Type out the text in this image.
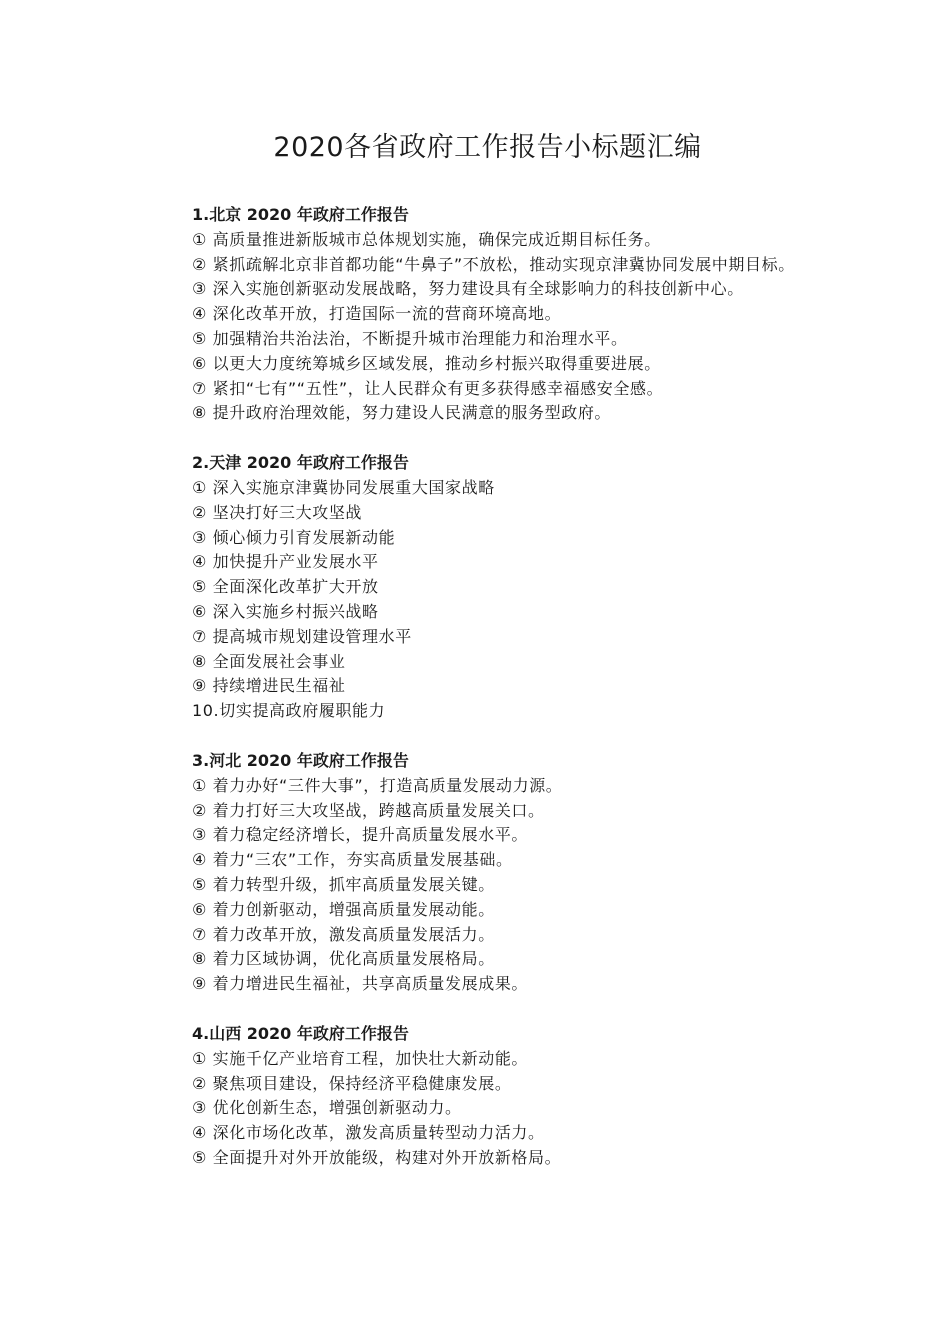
2020各省政府工作报告小标题汇编

1.北京 2020 年政府工作报告

① 高质量推进新版城市总体规划实施，确保完成近期目标任务。

② 紧抓疏解北京非首都功能“牛鼻子”不放松，推动实现京津冀协同发展中期目标。

③ 深入实施创新驱动发展战略，努力建设具有全球影响力的科技创新中心。

④ 深化改革开放，打造国际一流的营商环境高地。

⑤ 加强精治共治法治，不断提升城市治理能力和治理水平。

⑥ 以更大力度统筹城乡区域发展，推动乡村振兴取得重要进展。

⑦ 紧扣“七有”“五性”，让人民群众有更多获得感幸福感安全感。

⑧ 提升政府治理效能，努力建设人民满意的服务型政府。

2.天津 2020 年政府工作报告

① 深入实施京津冀协同发展重大国家战略

② 坚决打好三大攻坚战

③ 倾心倾力引育发展新动能

④ 加快提升产业发展水平

⑤ 全面深化改革扩大开放

⑥ 深入实施乡村振兴战略

⑦ 提高城市规划建设管理水平

⑧ 全面发展社会事业

⑨ 持续增进民生福祉

10.切实提高政府履职能力

3.河北 2020 年政府工作报告

① 着力办好“三件大事”，打造高质量发展动力源。

② 着力打好三大攻坚战，跨越高质量发展关口。

③ 着力稳定经济增长，提升高质量发展水平。

④ 着力“三农”工作，夯实高质量发展基础。

⑤ 着力转型升级，抓牢高质量发展关键。

⑥ 着力创新驱动，增强高质量发展动能。

⑦ 着力改革开放，激发高质量发展活力。

⑧ 着力区域协调，优化高质量发展格局。

⑨ 着力增进民生福祉，共享高质量发展成果。

4.山西 2020 年政府工作报告

① 实施千亿产业培育工程，加快壮大新动能。

② 聚焦项目建设，保持经济平稳健康发展。

③ 优化创新生态，增强创新驱动力。

④ 深化市场化改革，激发高质量转型动力活力。

⑤ 全面提升对外开放能级，构建对外开放新格局。
